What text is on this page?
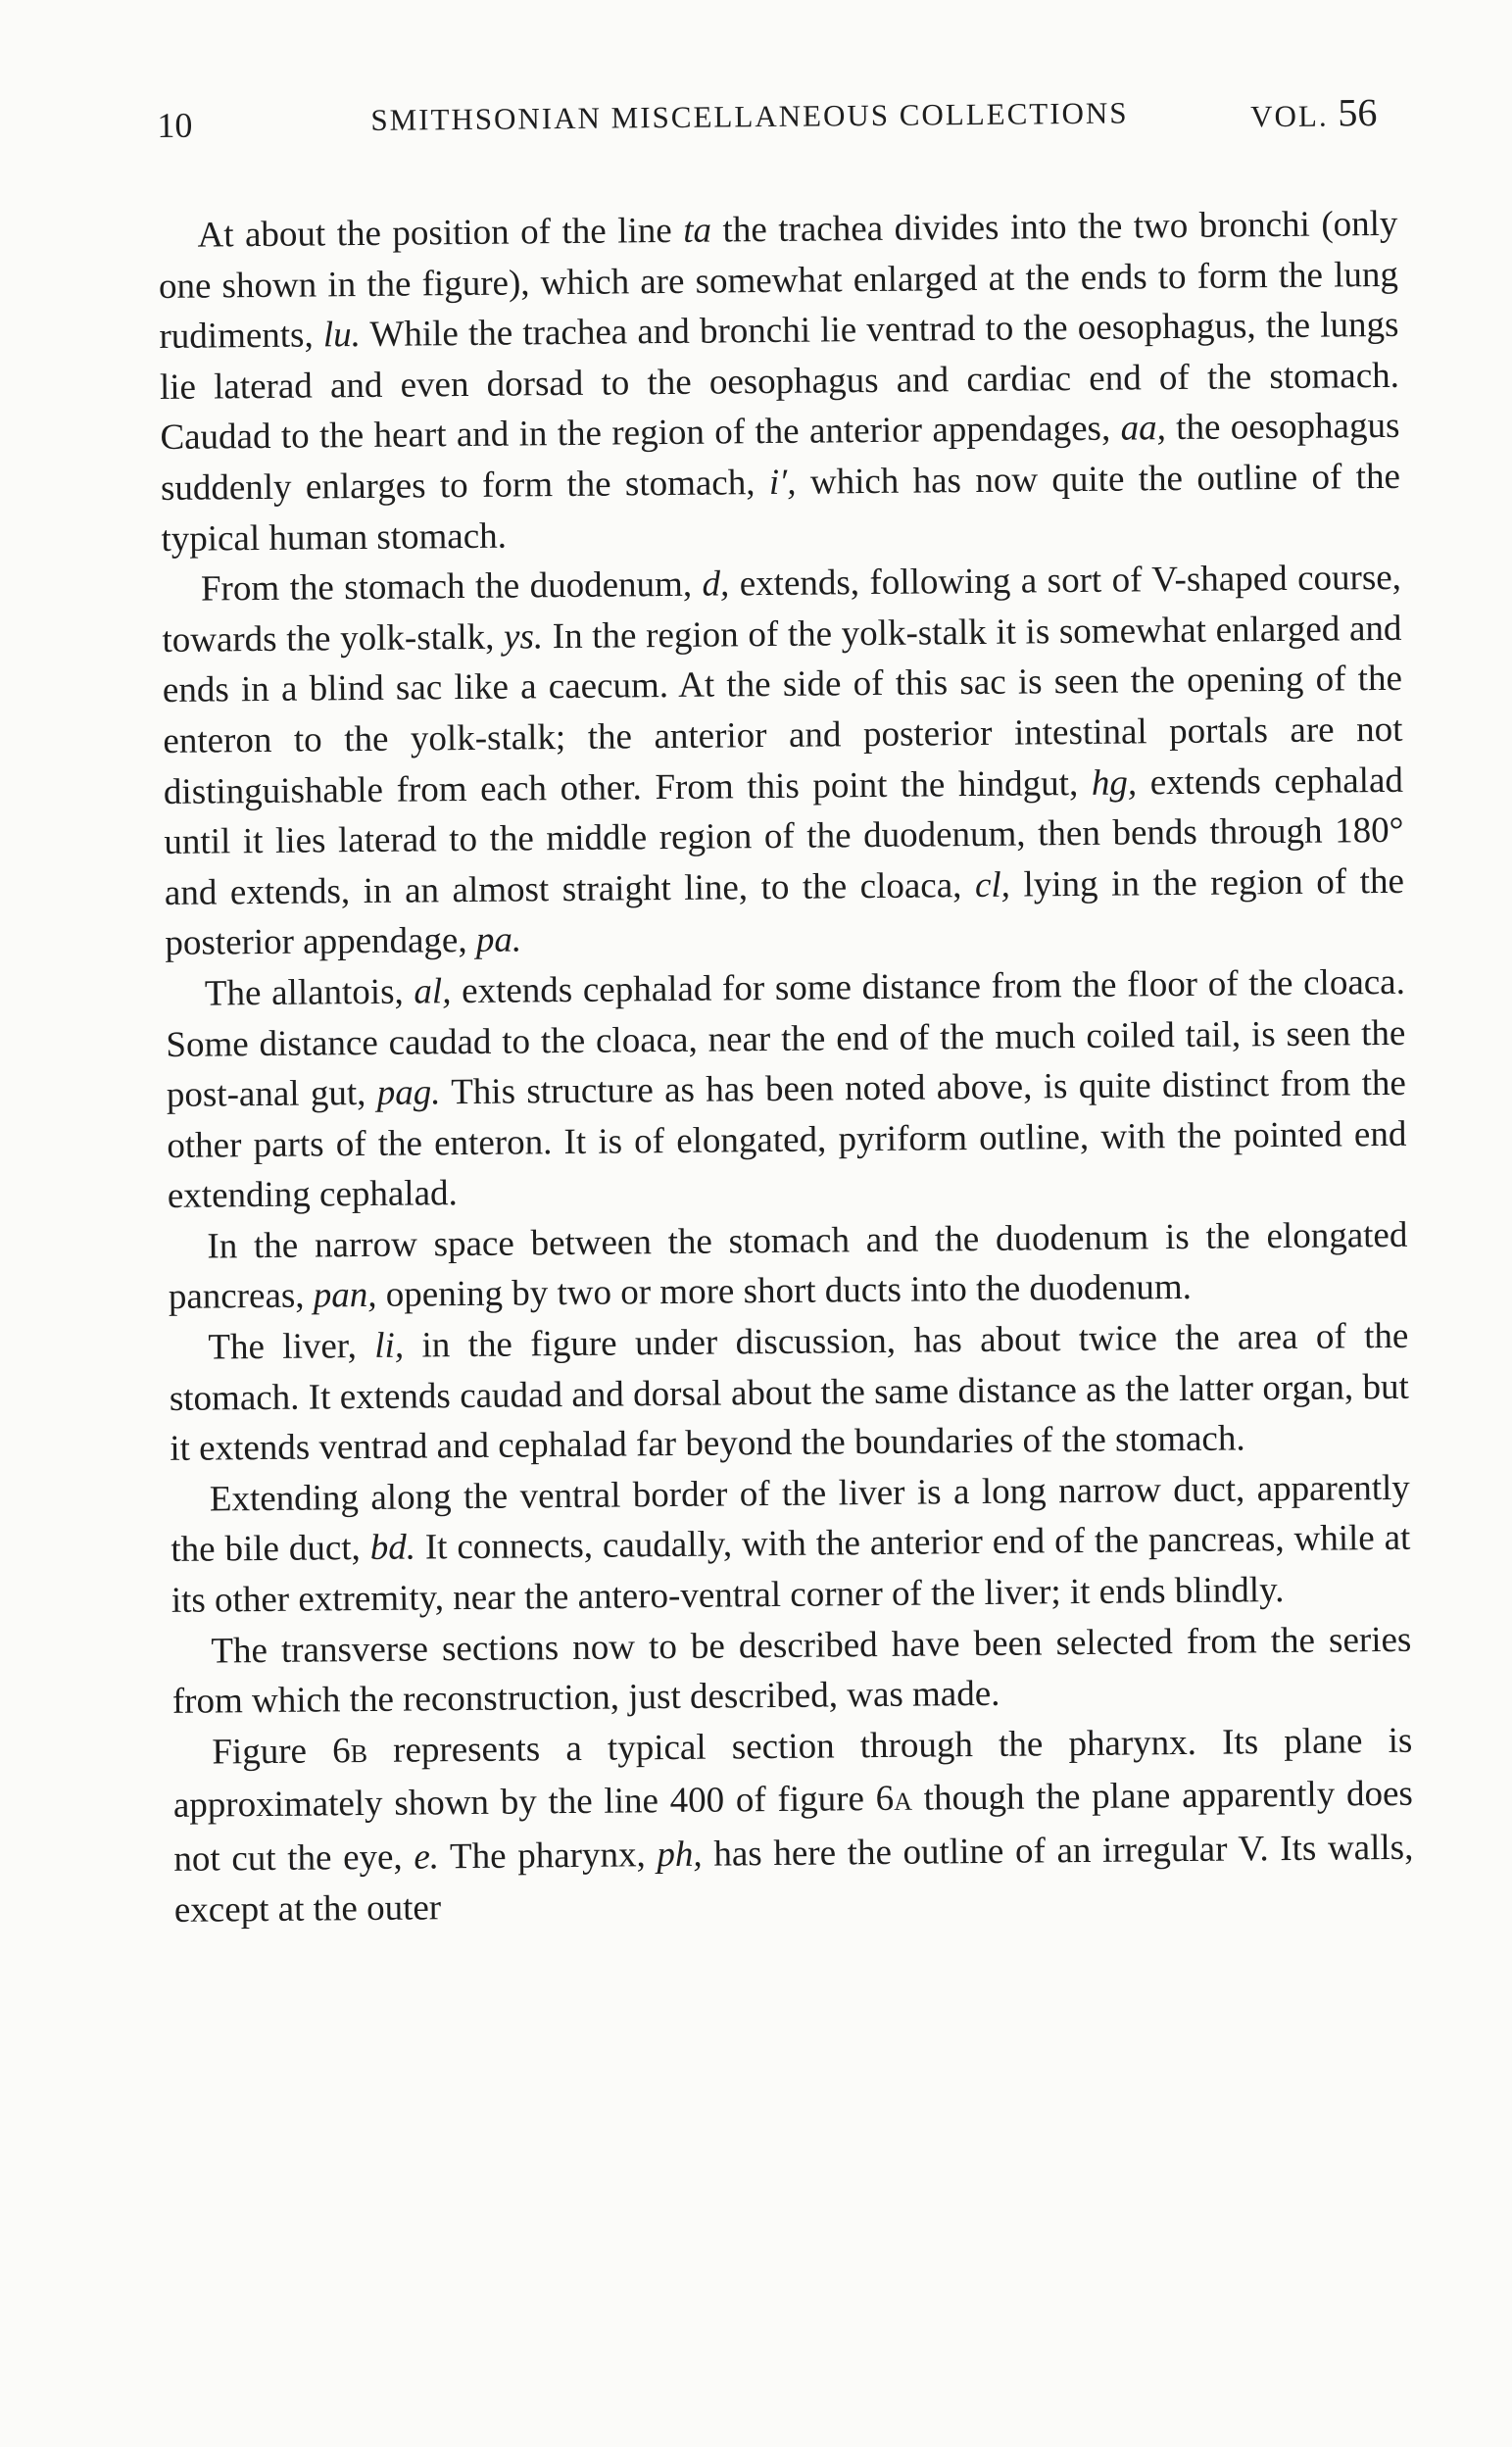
10	SMITHSONIAN MISCELLANEOUS COLLECTIONS	VOL. 56

At about the position of the line ta the trachea divides into the two bronchi (only one shown in the figure), which are somewhat enlarged at the ends to form the lung rudiments, lu. While the trachea and bronchi lie ventrad to the oesophagus, the lungs lie laterad and even dorsad to the oesophagus and cardiac end of the stomach. Caudad to the heart and in the region of the anterior appendages, aa, the oesophagus suddenly enlarges to form the stomach, i′, which has now quite the outline of the typical human stomach.

From the stomach the duodenum, d, extends, following a sort of V-shaped course, towards the yolk-stalk, ys. In the region of the yolk-stalk it is somewhat enlarged and ends in a blind sac like a caecum. At the side of this sac is seen the opening of the enteron to the yolk-stalk; the anterior and posterior intestinal portals are not distinguishable from each other. From this point the hindgut, hg, extends cephalad until it lies laterad to the middle region of the duodenum, then bends through 180° and extends, in an almost straight line, to the cloaca, cl, lying in the region of the posterior appendage, pa.

The allantois, al, extends cephalad for some distance from the floor of the cloaca. Some distance caudad to the cloaca, near the end of the much coiled tail, is seen the post-anal gut, pag. This structure as has been noted above, is quite distinct from the other parts of the enteron. It is of elongated, pyriform outline, with the pointed end extending cephalad.

In the narrow space between the stomach and the duodenum is the elongated pancreas, pan, opening by two or more short ducts into the duodenum.

The liver, li, in the figure under discussion, has about twice the area of the stomach. It extends caudad and dorsal about the same distance as the latter organ, but it extends ventrad and cephalad far beyond the boundaries of the stomach.

Extending along the ventral border of the liver is a long narrow duct, apparently the bile duct, bd. It connects, caudally, with the anterior end of the pancreas, while at its other extremity, near the antero-ventral corner of the liver; it ends blindly.

The transverse sections now to be described have been selected from the series from which the reconstruction, just described, was made.

Figure 6B represents a typical section through the pharynx. Its plane is approximately shown by the line 400 of figure 6A though the plane apparently does not cut the eye, e. The pharynx, ph, has here the outline of an irregular V. Its walls, except at the outer
